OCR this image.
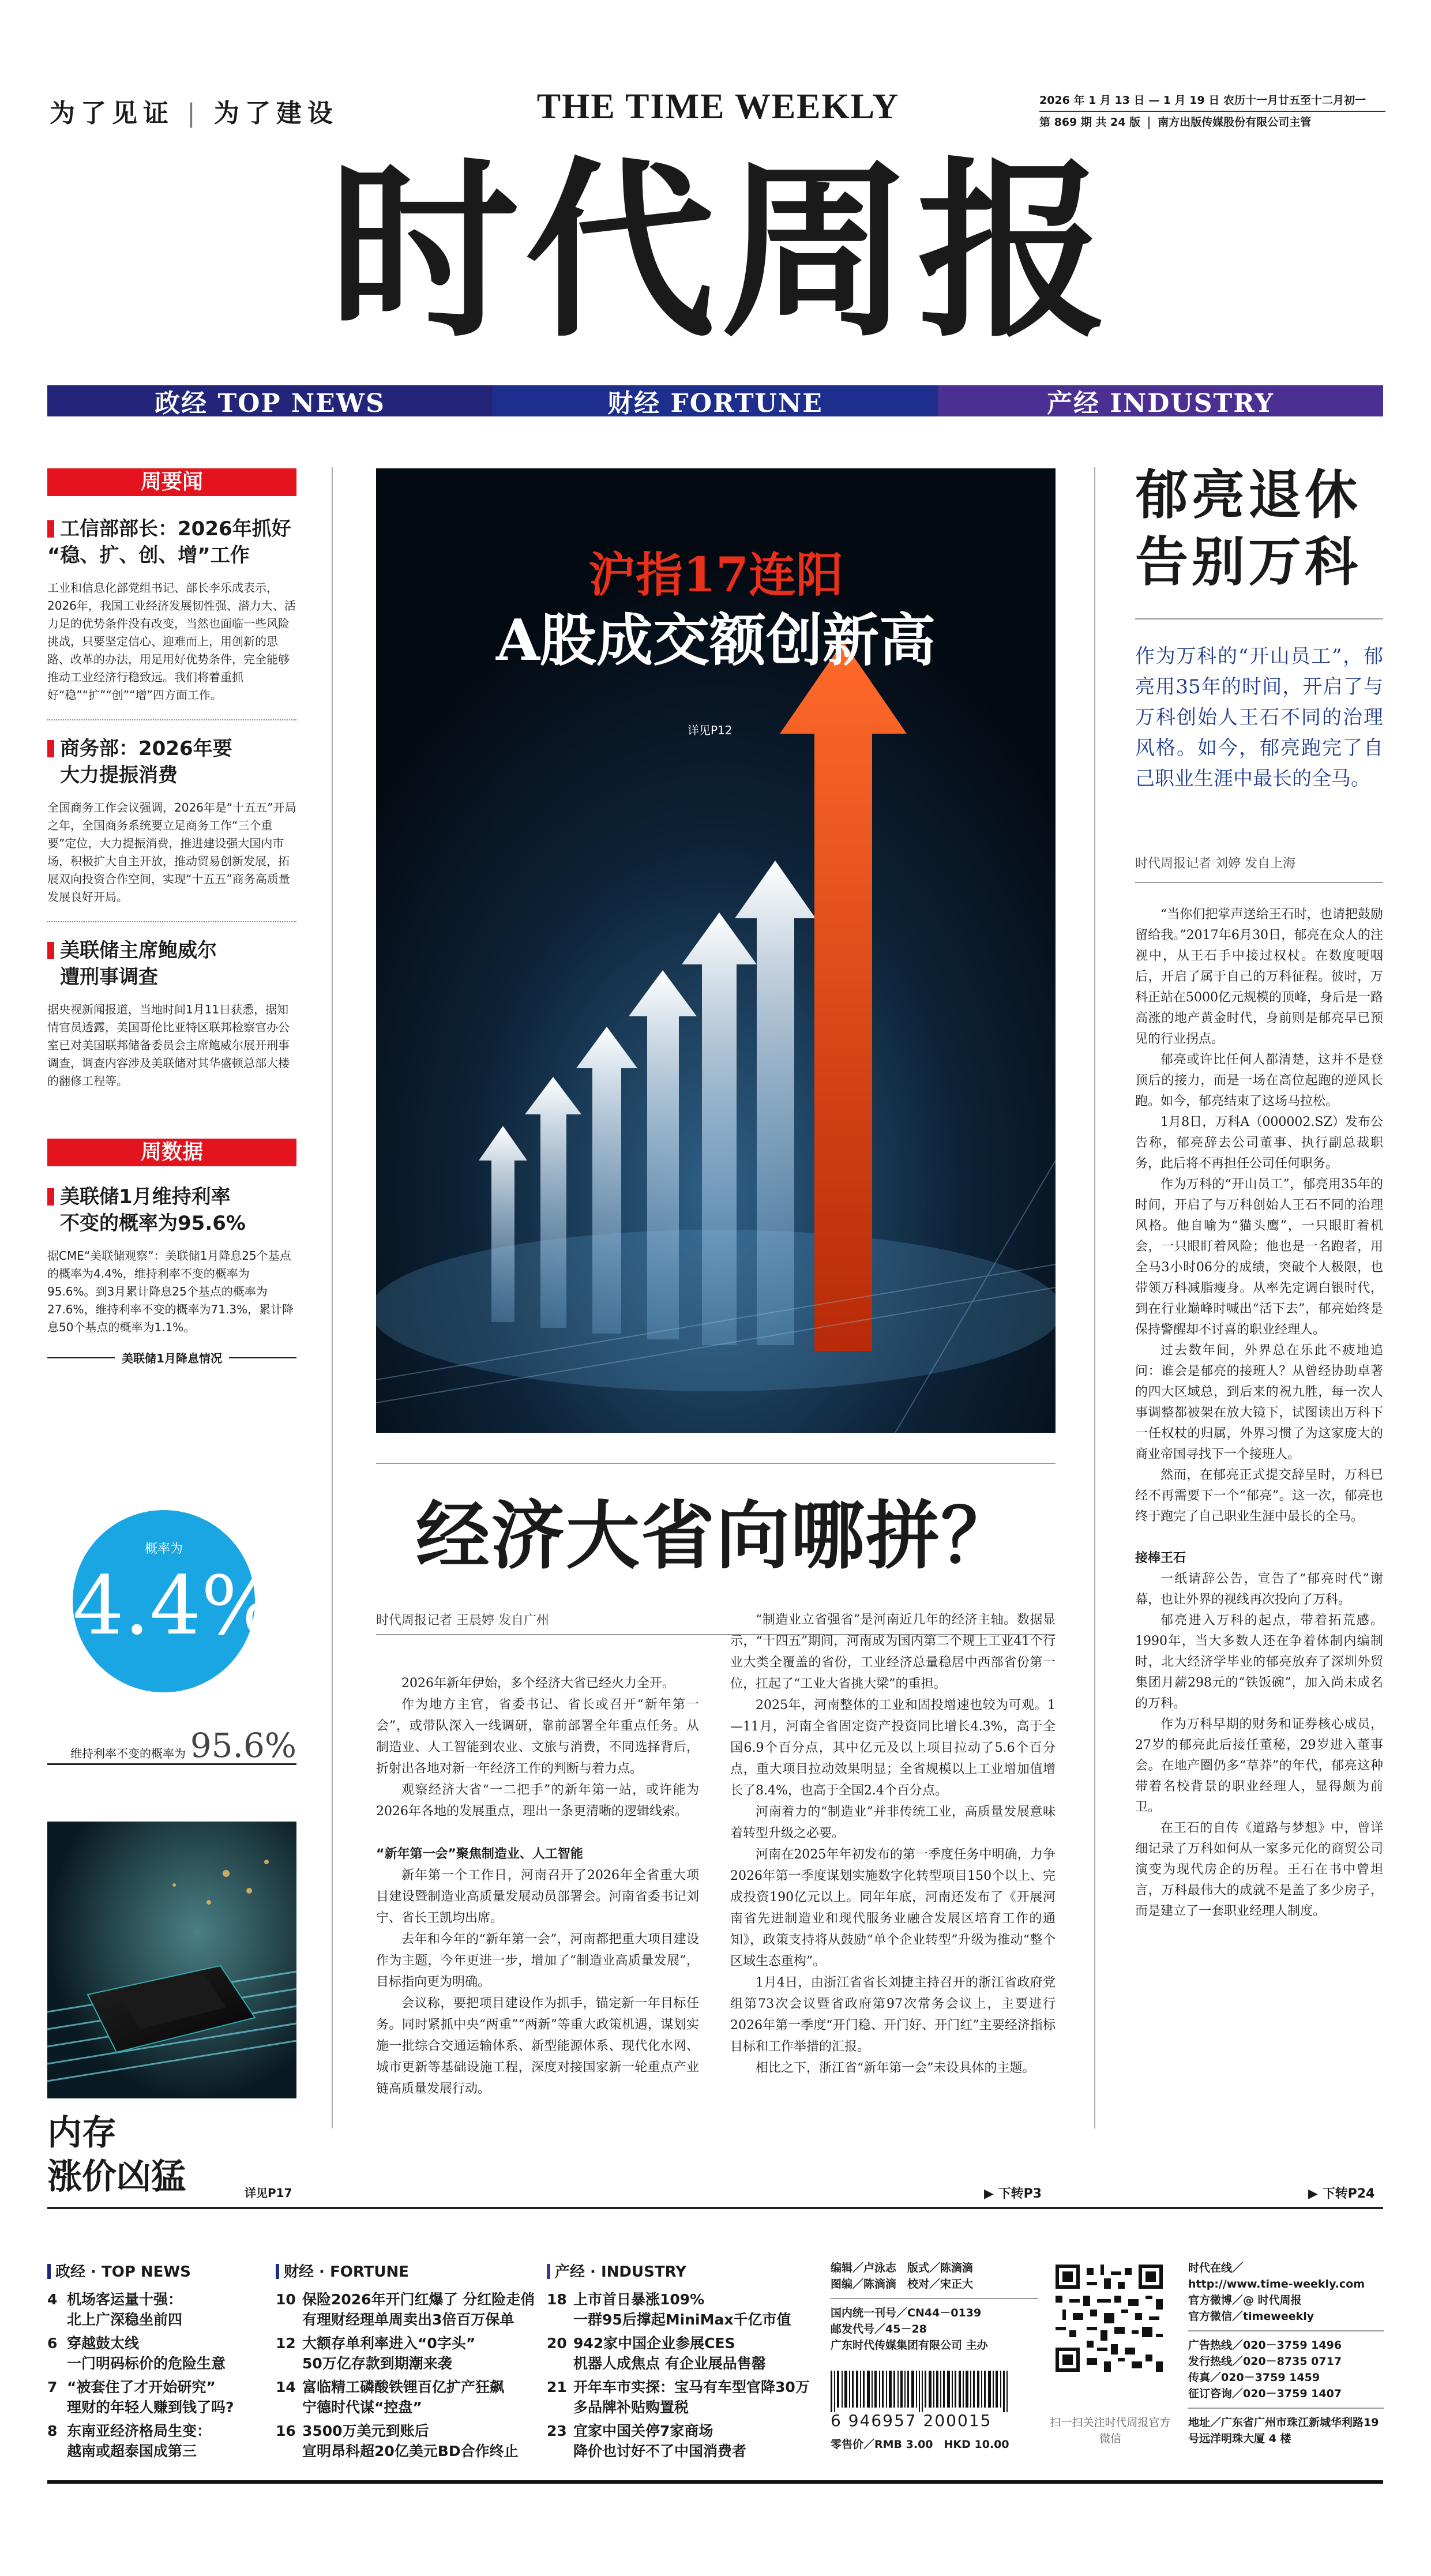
为了见证 | 为了建设	THE TIME WEEKLY	2026 年 1 月 13 日 — 1 月 19 日 农历十一月廿五至十二月初一
第 869 期 共 24 版 南方出版传媒股份有限公司主管
时代周报
政经 TOP NEWS	财经 FORTUNE	产经 INDUSTRY
周要闻
工信部部长：2026年抓好
“稳、扩、创、增”工作
工业和信息化部党组书记、部长李乐成表示，2026年，我国工业经济发展韧性强、潜力大、活力足的优势条件没有改变，当然也面临一些风险挑战，只要坚定信心、迎难而上，用创新的思路、改革的办法，用足用好优势条件，完全能够推动工业经济行稳致远。我们将着重抓好“稳”“扩”“创”“增”四方面工作。
商务部：2026年要
大力提振消费
全国商务工作会议强调，2026年是“十五五”开局之年，全国商务系统要立足商务工作“三个重要”定位，大力提振消费，推进建设强大国内市场，积极扩大自主开放，推动贸易创新发展，拓展双向投资合作空间，实现“十五五”商务高质量发展良好开局。
美联储主席鲍威尔
遭刑事调查
据央视新闻报道，当地时间1月11日获悉，据知情官员透露，美国哥伦比亚特区联邦检察官办公室已对美国联邦储备委员会主席鲍威尔展开刑事调查，调查内容涉及美联储对其华盛顿总部大楼的翻修工程等。
周数据
美联储1月维持利率
不变的概率为95.6%
据CME“美联储观察”：美联储1月降息25个基点的概率为4.4%，维持利率不变的概率为95.6%。到3月累计降息25个基点的概率为27.6%，维持利率不变的概率为71.3%，累计降息50个基点的概率为1.1%。
美联储1月降息情况
概率为
4.4%
维持利率不变的概率为 95.6%
内存
涨价凶猛	详见P17
沪指17连阳
A股成交额创新高
详见P12
经济大省向哪拼？
时代周报记者 王晨婷 发自广州

2026年新年伊始，多个经济大省已经火力全开。

作为地方主官，省委书记、省长或召开“新年第一会”，或带队深入一线调研，靠前部署全年重点任务。从制造业、人工智能到农业、文旅与消费，不同选择背后，折射出各地对新一年经济工作的判断与着力点。

观察经济大省“一二把手”的新年第一站，或许能为2026年各地的发展重点，理出一条更清晰的逻辑线索。

“新年第一会”聚焦制造业、人工智能

新年第一个工作日，河南召开了2026年全省重大项目建设暨制造业高质量发展动员部署会。河南省委书记刘宁、省长王凯均出席。

去年和今年的“新年第一会”，河南都把重大项目建设作为主题，今年更进一步，增加了“制造业高质量发展”，目标指向更为明确。

会议称，要把项目建设作为抓手，锚定新一年目标任务。同时紧抓中央“两重”“两新”等重大政策机遇，谋划实施一批综合交通运输体系、新型能源体系、现代化水网、城市更新等基础设施工程，深度对接国家新一轮重点产业链高质量发展行动。

“制造业立省强省”是河南近几年的经济主轴。数据显示，“十四五”期间，河南成为国内第二个规上工业41个行业大类全覆盖的省份，工业经济总量稳居中西部省份第一位，扛起了“工业大省挑大梁”的重担。

2025年，河南整体的工业和固投增速也较为可观。1—11月，河南全省固定资产投资同比增长4.3%，高于全国6.9个百分点，其中亿元及以上项目拉动了5.6个百分点，重大项目拉动效果明显；全省规模以上工业增加值增长了8.4%，也高于全国2.4个百分点。

河南着力的“制造业”并非传统工业，高质量发展意味着转型升级之必要。

河南在2025年年初发布的第一季度任务中明确，力争2026年第一季度谋划实施数字化转型项目150个以上、完成投资190亿元以上。同年年底，河南还发布了《开展河南省先进制造业和现代服务业融合发展区培育工作的通知》，政策支持将从鼓励“单个企业转型”升级为推动“整个区域生态重构”。

1月4日，由浙江省省长刘捷主持召开的浙江省政府党组第73次会议暨省政府第97次常务会议上，主要进行2026年第一季度“开门稳、开门好、开门红”主要经济指标目标和工作举措的汇报。

相比之下，浙江省“新年第一会”未设具体的主题。

▶ 下转P3
郁亮退休
告别万科
作为万科的“开山员工”，郁亮用35年的时间，开启了与万科创始人王石不同的治理风格。如今，郁亮跑完了自己职业生涯中最长的全马。
时代周报记者 刘婷 发自上海

“当你们把掌声送给王石时，也请把鼓励留给我。”2017年6月30日，郁亮在众人的注视中，从王石手中接过权杖。在数度哽咽后，开启了属于自己的万科征程。彼时，万科正站在5000亿元规模的顶峰，身后是一路高涨的地产黄金时代，身前则是郁亮早已预见的行业拐点。

郁亮或许比任何人都清楚，这并不是登顶后的接力，而是一场在高位起跑的逆风长跑。如今，郁亮结束了这场马拉松。

1月8日，万科A（000002.SZ）发布公告称，郁亮辞去公司董事、执行副总裁职务，此后将不再担任公司任何职务。

作为万科的“开山员工”，郁亮用35年的时间，开启了与万科创始人王石不同的治理风格。他自喻为“猫头鹰”，一只眼盯着机会，一只眼盯着风险；他也是一名跑者，用全马3小时06分的成绩，突破个人极限，也带领万科减脂瘦身。从率先定调白银时代，到在行业巅峰时喊出“活下去”，郁亮始终是保持警醒却不讨喜的职业经理人。

过去数年间，外界总在乐此不疲地追问：谁会是郁亮的接班人？从曾经协助卓著的四大区域总，到后来的祝九胜，每一次人事调整都被架在放大镜下，试图读出万科下一任权杖的归属，外界习惯了为这家庞大的商业帝国寻找下一个接班人。

然而，在郁亮正式提交辞呈时，万科已经不再需要下一个“郁亮”。这一次，郁亮也终于跑完了自己职业生涯中最长的全马。

接棒王石

一纸请辞公告，宣告了“郁亮时代”谢幕，也让外界的视线再次投向了万科。

郁亮进入万科的起点，带着拓荒感。1990年，当大多数人还在争着体制内编制时，北大经济学毕业的郁亮放弃了深圳外贸集团月薪298元的“铁饭碗”，加入尚未成名的万科。

作为万科早期的财务和证券核心成员，27岁的郁亮此后接任董秘，29岁进入董事会。在地产圈仍多“草莽”的年代，郁亮这种带着名校背景的职业经理人，显得颇为前卫。

在王石的自传《道路与梦想》中，曾详细记录了万科如何从一家多元化的商贸公司演变为现代房企的历程。王石在书中曾坦言，万科最伟大的成就不是盖了多少房子，而是建立了一套职业经理人制度。

▶ 下转P24
政经 · TOP NEWS
4 机场客运量十强：
北上广深稳坐前四
6 穿越鼓太线
一门明码标价的危险生意
7 “被套住了才开始研究”
理财的年轻人赚到钱了吗?
8 东南亚经济格局生变：
越南或超泰国成第三
财经 · FORTUNE
10 保险2026年开门红爆了 分红险走俏
有理财经理单周卖出3倍百万保单
12 大额存单利率进入“0字头”
50万亿存款到期潮来袭
14 富临精工磷酸铁锂百亿扩产狂飙
宁德时代谋“控盘”
16 3500万美元到账后
宣明昂科超20亿美元BD合作终止
产经 · INDUSTRY
18 上市首日暴涨109%
一群95后撑起MiniMax千亿市值
20 942家中国企业参展CES
机器人成焦点 有企业展品售罄
21 开年车市实探：宝马有车型官降30万
多品牌补贴购置税
23 宜家中国关停7家商场
降价也讨好不了中国消费者
编辑／卢泳志　版式／陈滴滴
图编／陈滴滴　校对／宋正大
国内统一刊号／CN44－0139
邮发代号／45－28
广东时代传媒集团有限公司 主办
6 946957 200015
零售价／RMB 3.00　HKD 10.00
扫一扫关注时代周报官方微信
时代在线／
http://www.time-weekly.com
官方微博／@ 时代周报
官方微信／timeweekly
广告热线／020－3759 1496
发行热线／020－8735 0717
传真／020－3759 1459
征订咨询／020－3759 1407
地址／广东省广州市珠江新城华利路19 号远洋明珠大厦 4 楼
